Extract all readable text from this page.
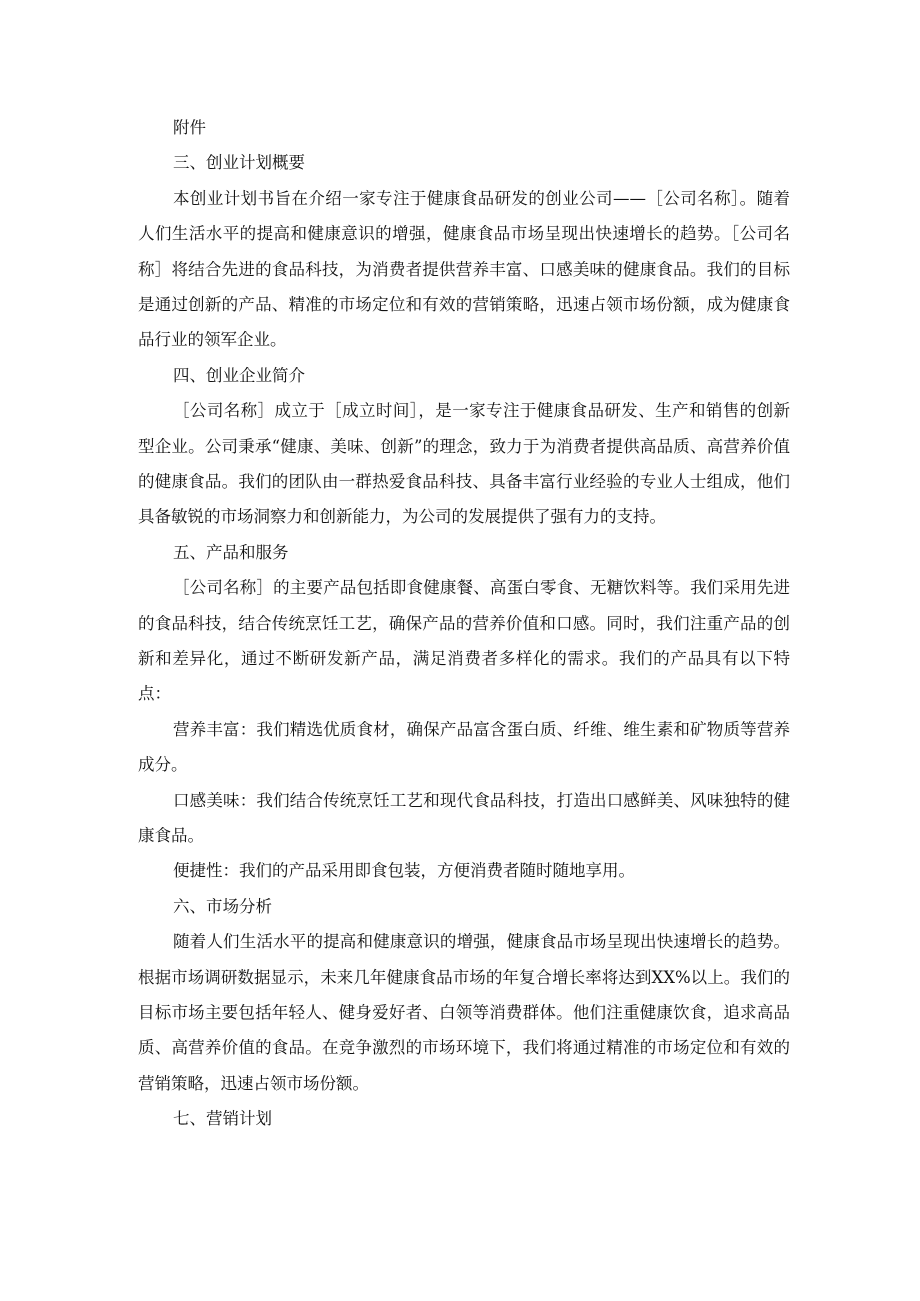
附件

三、创业计划概要

本创业计划书旨在介绍一家专注于健康食品研发的创业公司——［公司名称］。随着人们生活水平的提高和健康意识的增强，健康食品市场呈现出快速增长的趋势。［公司名称］将结合先进的食品科技，为消费者提供营养丰富、口感美味的健康食品。我们的目标是通过创新的产品、精准的市场定位和有效的营销策略，迅速占领市场份额，成为健康食品行业的领军企业。

四、创业企业简介

［公司名称］成立于［成立时间］，是一家专注于健康食品研发、生产和销售的创新型企业。公司秉承“健康、美味、创新”的理念，致力于为消费者提供高品质、高营养价值的健康食品。我们的团队由一群热爱食品科技、具备丰富行业经验的专业人士组成，他们具备敏锐的市场洞察力和创新能力，为公司的发展提供了强有力的支持。

五、产品和服务

［公司名称］的主要产品包括即食健康餐、高蛋白零食、无糖饮料等。我们采用先进的食品科技，结合传统烹饪工艺，确保产品的营养价值和口感。同时，我们注重产品的创新和差异化，通过不断研发新产品，满足消费者多样化的需求。我们的产品具有以下特点：

营养丰富：我们精选优质食材，确保产品富含蛋白质、纤维、维生素和矿物质等营养成分。

口感美味：我们结合传统烹饪工艺和现代食品科技，打造出口感鲜美、风味独特的健康食品。

便捷性：我们的产品采用即食包装，方便消费者随时随地享用。

六、市场分析

随着人们生活水平的提高和健康意识的增强，健康食品市场呈现出快速增长的趋势。根据市场调研数据显示，未来几年健康食品市场的年复合增长率将达到XX%以上。我们的目标市场主要包括年轻人、健身爱好者、白领等消费群体。他们注重健康饮食，追求高品质、高营养价值的食品。在竞争激烈的市场环境下，我们将通过精准的市场定位和有效的营销策略，迅速占领市场份额。

七、营销计划
